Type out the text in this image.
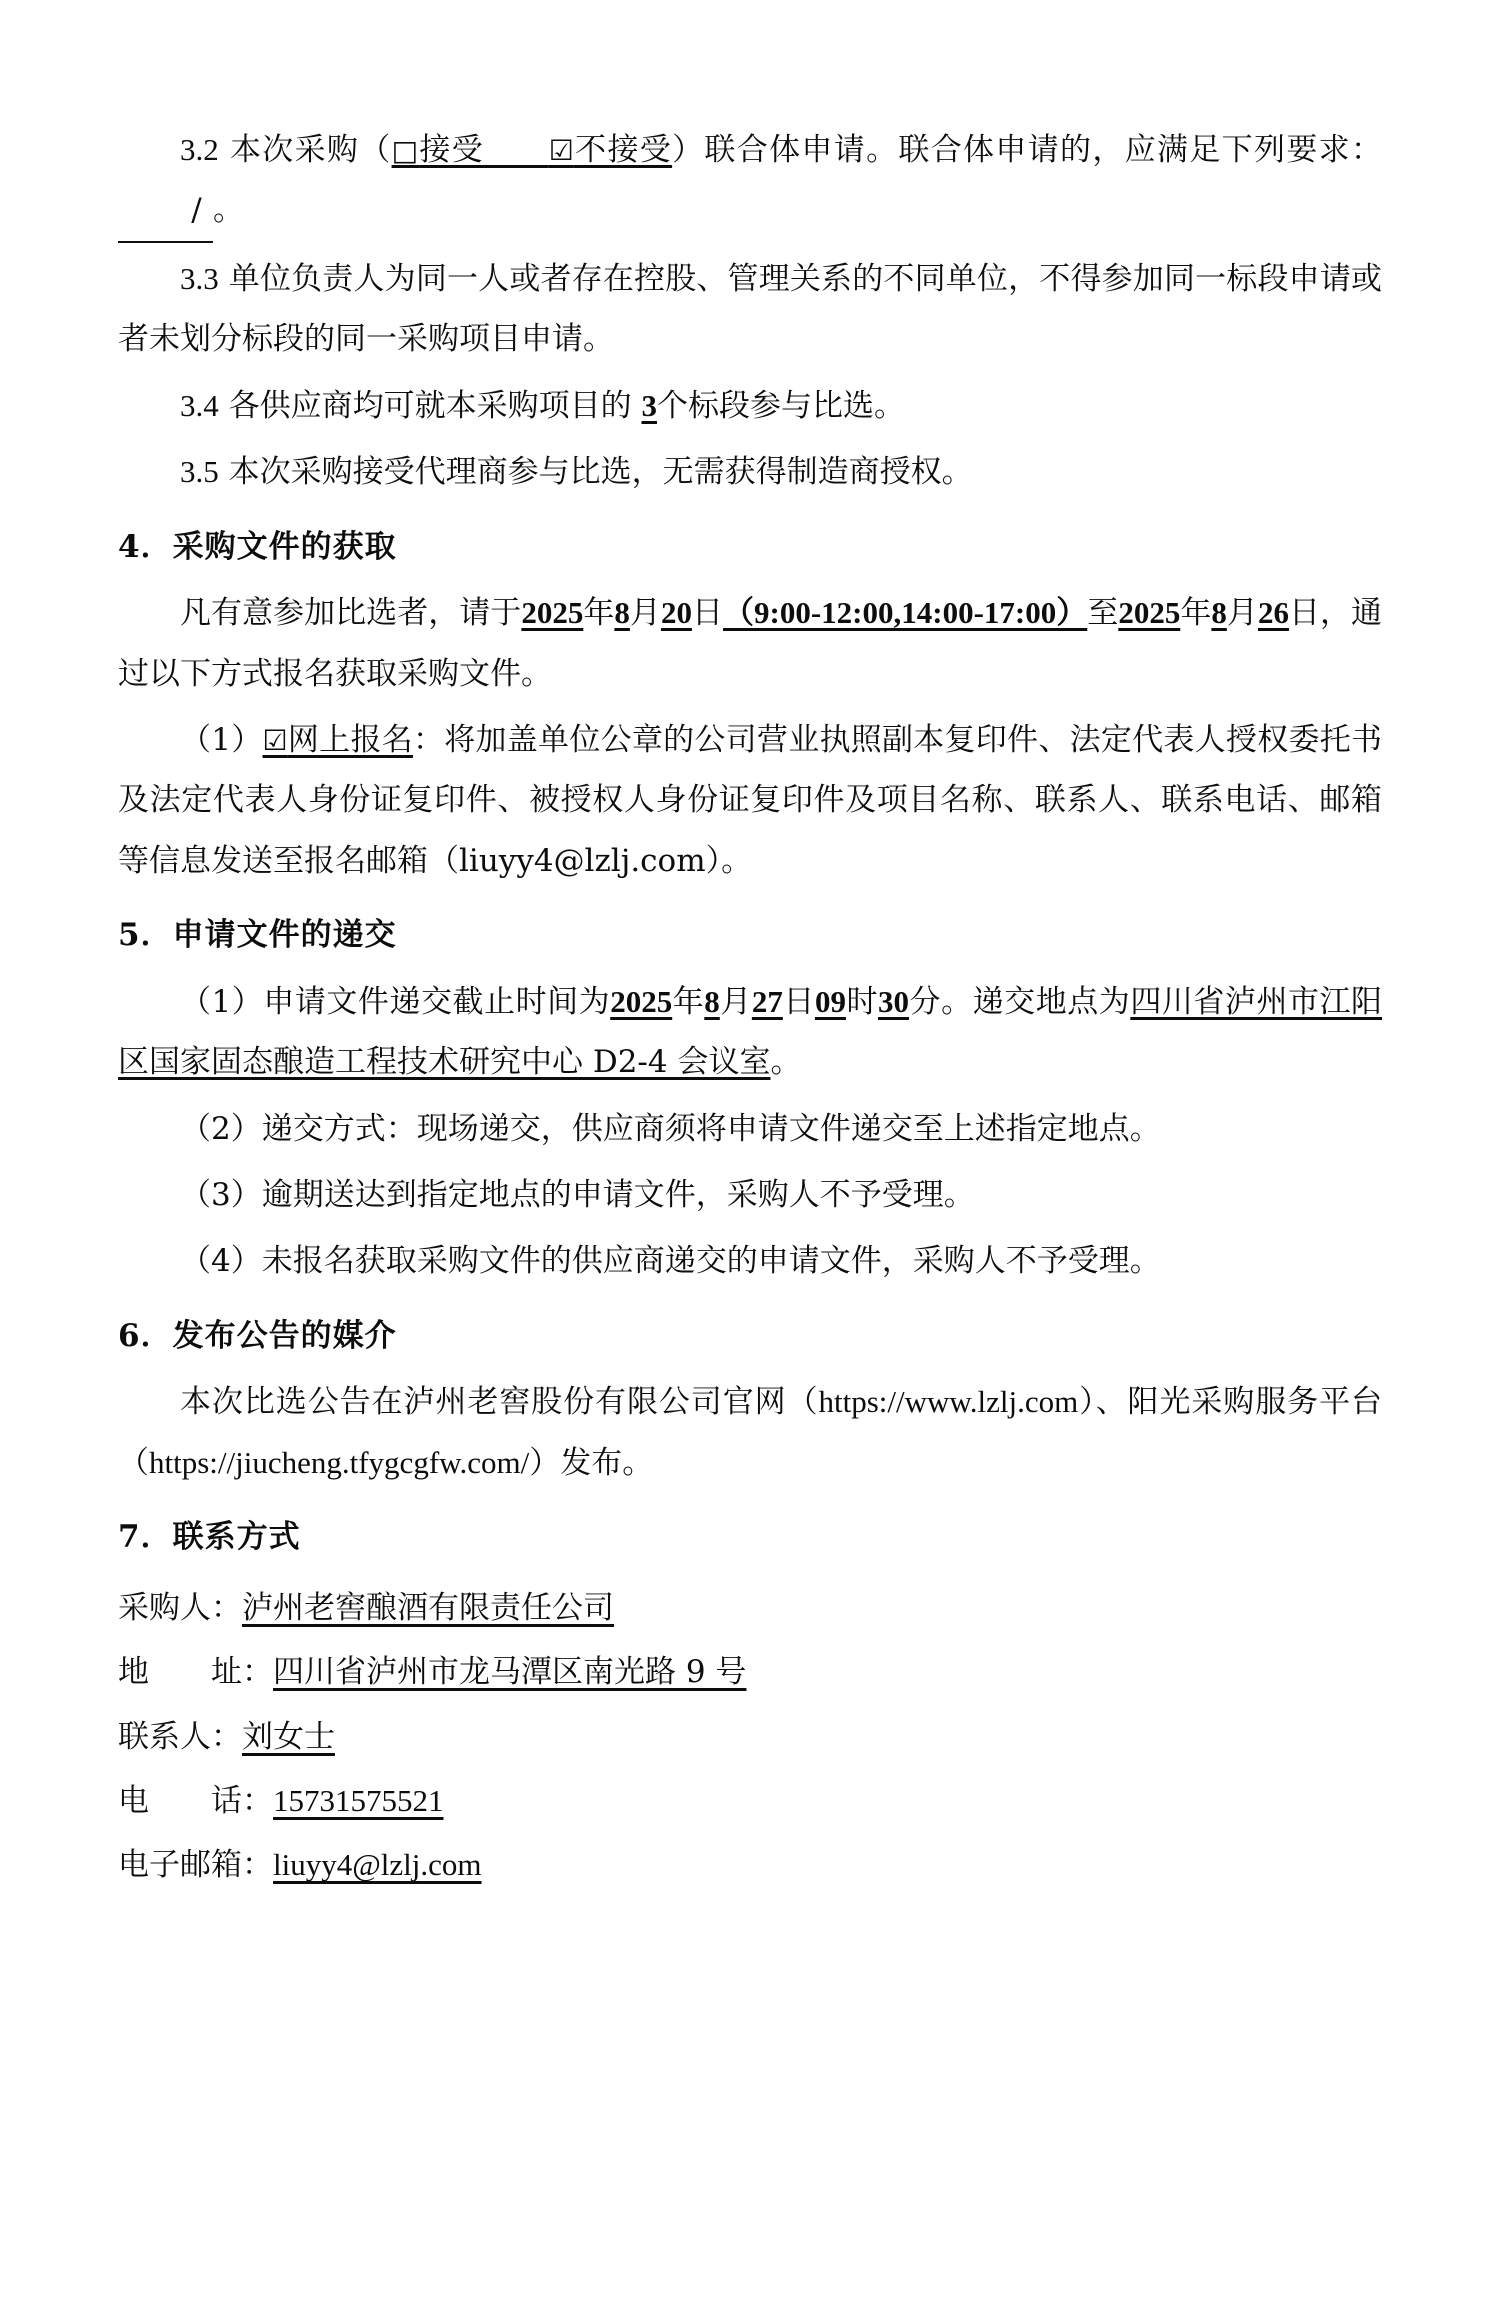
3.2 本次采购（□接受　　 ☑不接受）联合体申请。联合体申请的，应满足下列要求：/ 。

3.3 单位负责人为同一人或者存在控股、管理关系的不同单位，不得参加同一标段申请或者未划分标段的同一采购项目申请。

3.4 各供应商均可就本采购项目的 3个标段参与比选。

3.5 本次采购接受代理商参与比选，无需获得制造商授权。

4．采购文件的获取

凡有意参加比选者，请于2025年8月20日（9:00-12:00,14:00-17:00）至2025年8月26日，通过以下方式报名获取采购文件。

（1）☑网上报名：将加盖单位公章的公司营业执照副本复印件、法定代表人授权委托书及法定代表人身份证复印件、被授权人身份证复印件及项目名称、联系人、联系电话、邮箱等信息发送至报名邮箱（liuyy4@lzlj.com）。

5．申请文件的递交

（1）申请文件递交截止时间为2025年8月27日09时30分。递交地点为四川省泸州市江阳区国家固态酿造工程技术研究中心 D2-4 会议室。

（2）递交方式：现场递交，供应商须将申请文件递交至上述指定地点。

（3）逾期送达到指定地点的申请文件，采购人不予受理。

（4）未报名获取采购文件的供应商递交的申请文件，采购人不予受理。

6．发布公告的媒介

本次比选公告在泸州老窖股份有限公司官网（https://www.lzlj.com）、阳光采购服务平台（https://jiucheng.tfygcgfw.com/）发布。

7．联系方式

采购人：泸州老窖酿酒有限责任公司
地　　址：四川省泸州市龙马潭区南光路 9 号
联系人：刘女士
电　　话：15731575521
电子邮箱：liuyy4@lzlj.com
